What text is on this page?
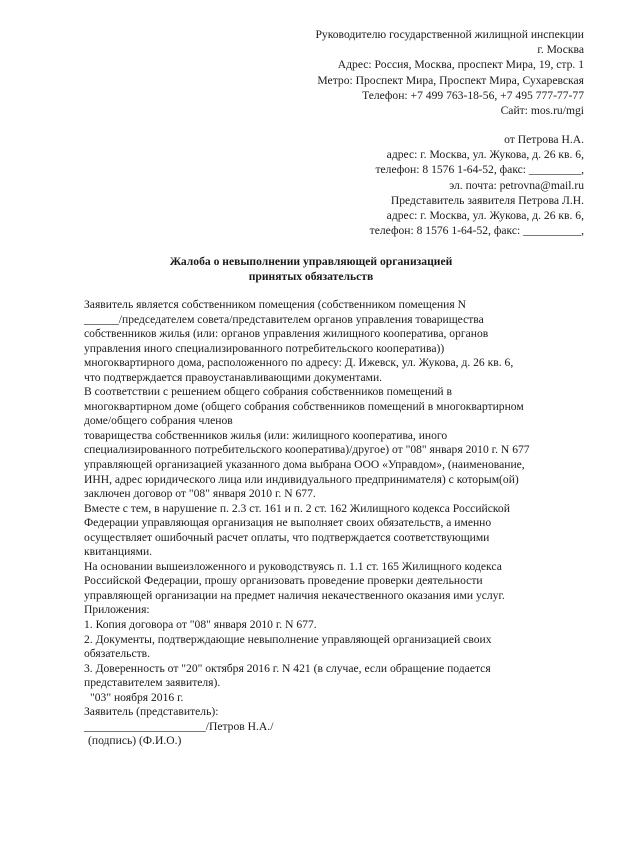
Руководителю государственной жилищной инспекции
г. Москва
Адрес: Россия, Москва, проспект Мира, 19, стр. 1
Метро: Проспект Мира, Проспект Мира, Сухаревская
Телефон: +7 499 763-18-56, +7 495 777-77-77
Сайт: mos.ru/mgi
от Петрова Н.А.
адрес: г. Москва, ул. Жукова, д. 26 кв. 6,
телефон: 8 1576 1-64-52, факс: _________,
эл. почта: petrovna@mail.ru
Представитель заявителя Петрова Л.Н.
адрес: г. Москва, ул. Жукова, д. 26 кв. 6,
телефон: 8 1576 1-64-52, факс: __________,
Жалоба о невыполнении управляющей организацией
принятых обязательств
Заявитель является собственником помещения (собственником помещения N
______/председателем совета/представителем органов управления товарищества
собственников жилья (или: органов управления жилищного кооператива, органов
управления иного специализированного потребительского кооператива))
многоквартирного дома, расположенного по адресу: Д. Ижевск, ул. Жукова, д. 26 кв. 6,
что подтверждается правоустанавливающими документами.
В соответствии с решением общего собрания собственников помещений в
многоквартирном доме (общего собрания собственников помещений в многоквартирном
доме/общего собрания членов
товарищества собственников жилья (или: жилищного кооператива, иного
специализированного потребительского кооператива)/другое) от "08" января 2010 г. N 677
управляющей организацией указанного дома выбрана ООО «Управдом», (наименование,
ИНН, адрес юридического лица или индивидуального предпринимателя) с которым(ой)
заключен договор от "08" января 2010 г. N 677.
Вместе с тем, в нарушение п. 2.3 ст. 161 и п. 2 ст. 162 Жилищного кодекса Российской
Федерации управляющая организация не выполняет своих обязательств, а именно
осуществляет ошибочный расчет оплаты, что подтверждается соответствующими
квитанциями.
На основании вышеизложенного и руководствуясь п. 1.1 ст. 165 Жилищного кодекса
Российской Федерации, прошу организовать проведение проверки деятельности
управляющей организации на предмет наличия некачественного оказания ими услуг.
Приложения:
1. Копия договора от "08" января 2010 г. N 677.
2. Документы, подтверждающие невыполнение управляющей организацией своих
обязательств.
3. Доверенность от "20" октября 2016 г. N 421 (в случае, если обращение подается
представителем заявителя).
"03" ноября 2016 г.
Заявитель (представитель):
_____________________/Петров Н.А./
(подпись) (Ф.И.О.)
